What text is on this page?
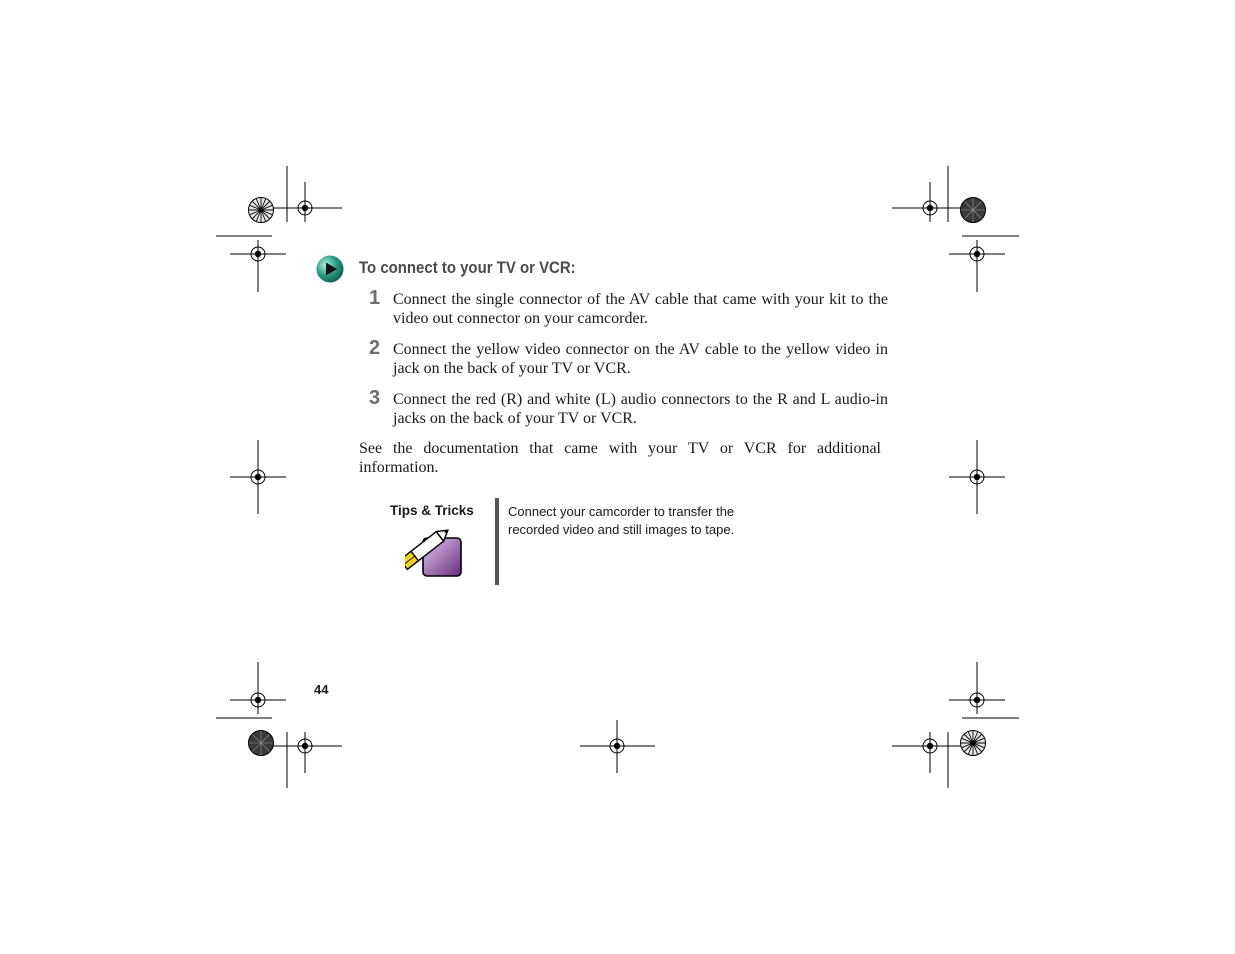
To connect to your TV or VCR:
1 Connect the single connector of the AV cable that came with your kit to the video out connector on your camcorder.
2 Connect the yellow video connector on the AV cable to the yellow video in jack on the back of your TV or VCR.
3 Connect the red (R) and white (L) audio connectors to the R and L audio-in jacks on the back of your TV or VCR.
See the documentation that came with your TV or VCR for additional information.
Tips & Tricks	Connect your camcorder to transfer the recorded video and still images to tape.
44
